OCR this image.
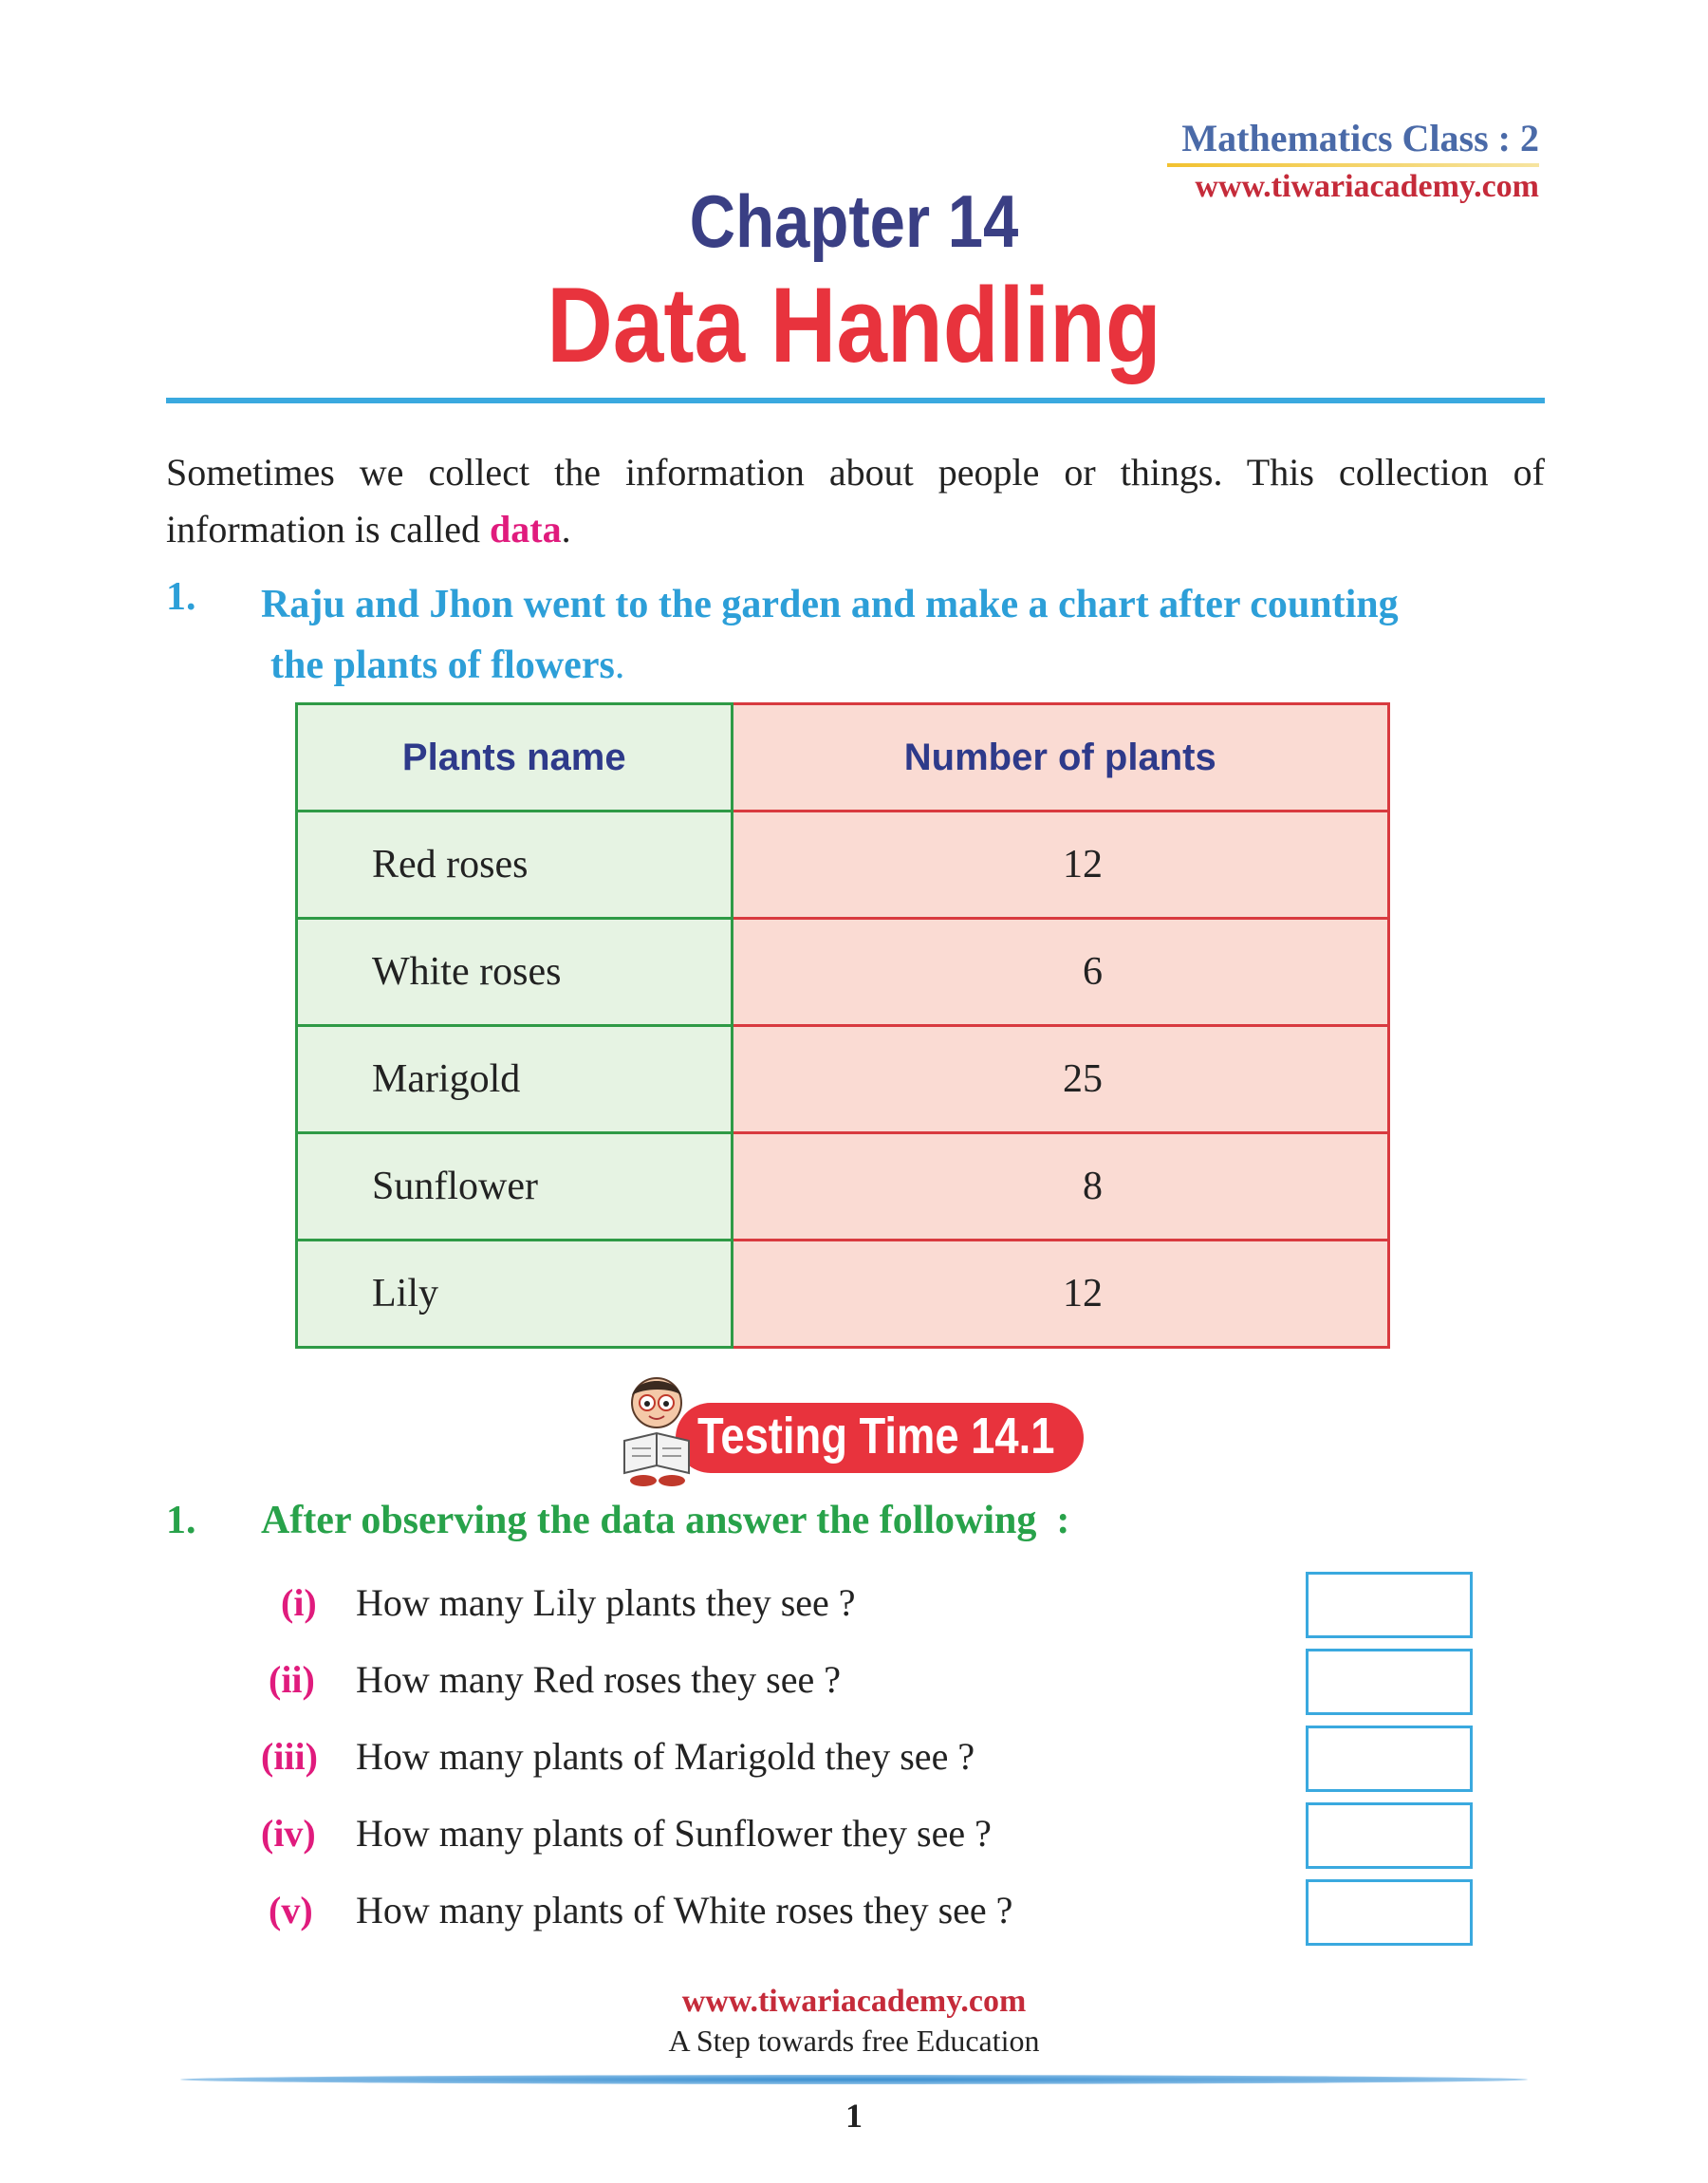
Mathematics Class : 2
www.tiwariacademy.com
Chapter 14
Data Handling
Sometimes we collect the information about people or things. This collection of information is called data.
1. Raju and Jhon went to the garden and make a chart after counting
the plants of flowers.
Plants name	Number of plants
Red roses	12
White roses	6
Marigold	25
Sunflower	8
Lily	12
Testing Time 14.1
1. After observing the data answer the following :
(i) How many Lily plants they see ?
(ii) How many Red roses they see ?
(iii) How many plants of Marigold they see ?
(iv) How many plants of Sunflower they see ?
(v) How many plants of White roses they see ?
www.tiwariacademy.com
A Step towards free Education
1
